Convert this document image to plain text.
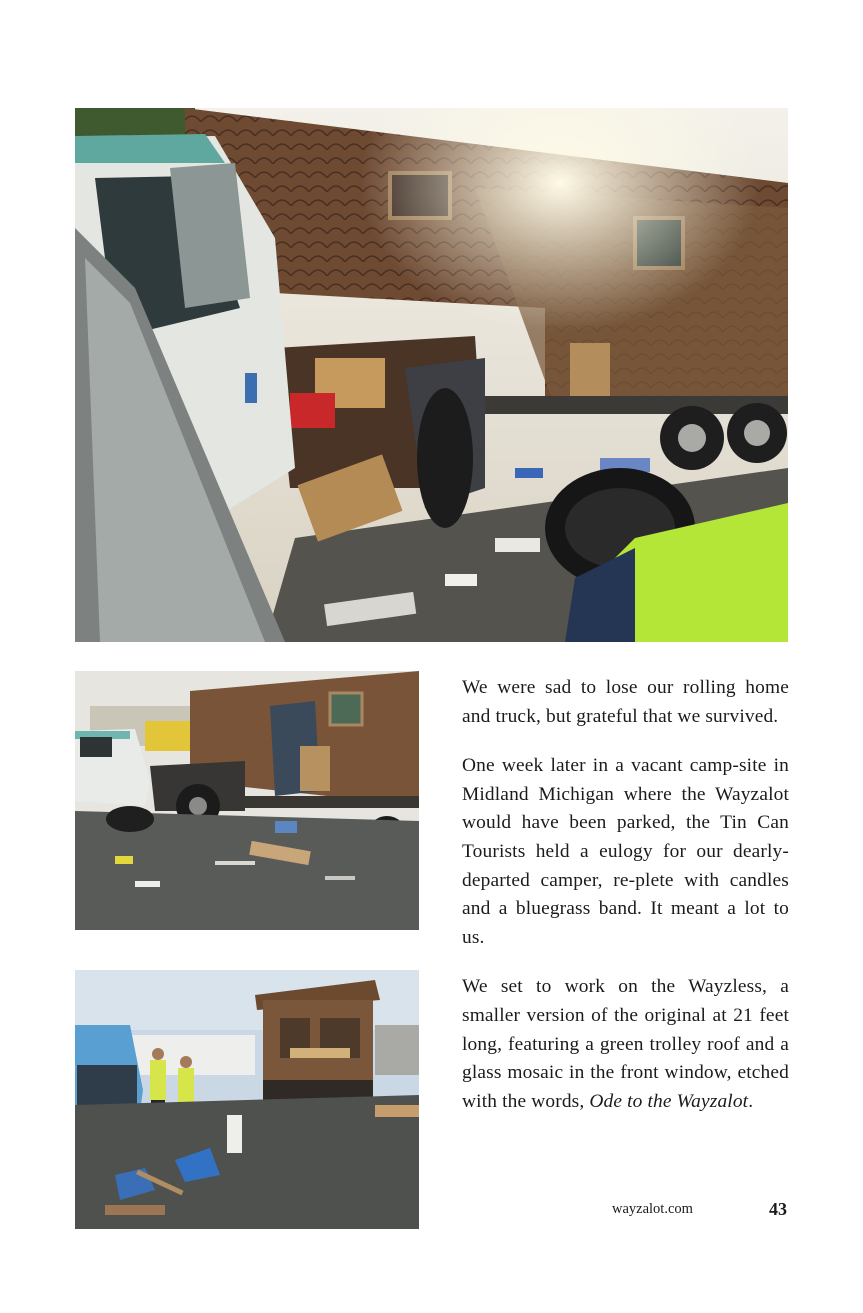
We were sad to lose our rolling home and truck, but grateful that we survived.

One week later in a vacant camp-site in Midland Michigan where the Wayzalot would have been parked, the Tin Can Tourists held a eulogy for our dearly-departed camper, re-plete with candles and a bluegrass band. It meant a lot to us.

We set to work on the Wayzless, a smaller version of the original at 21 feet long, featuring a green trolley roof and a glass mosaic in the front window, etched with the words, Ode to the Wayzalot.

wayzalot.com	43
